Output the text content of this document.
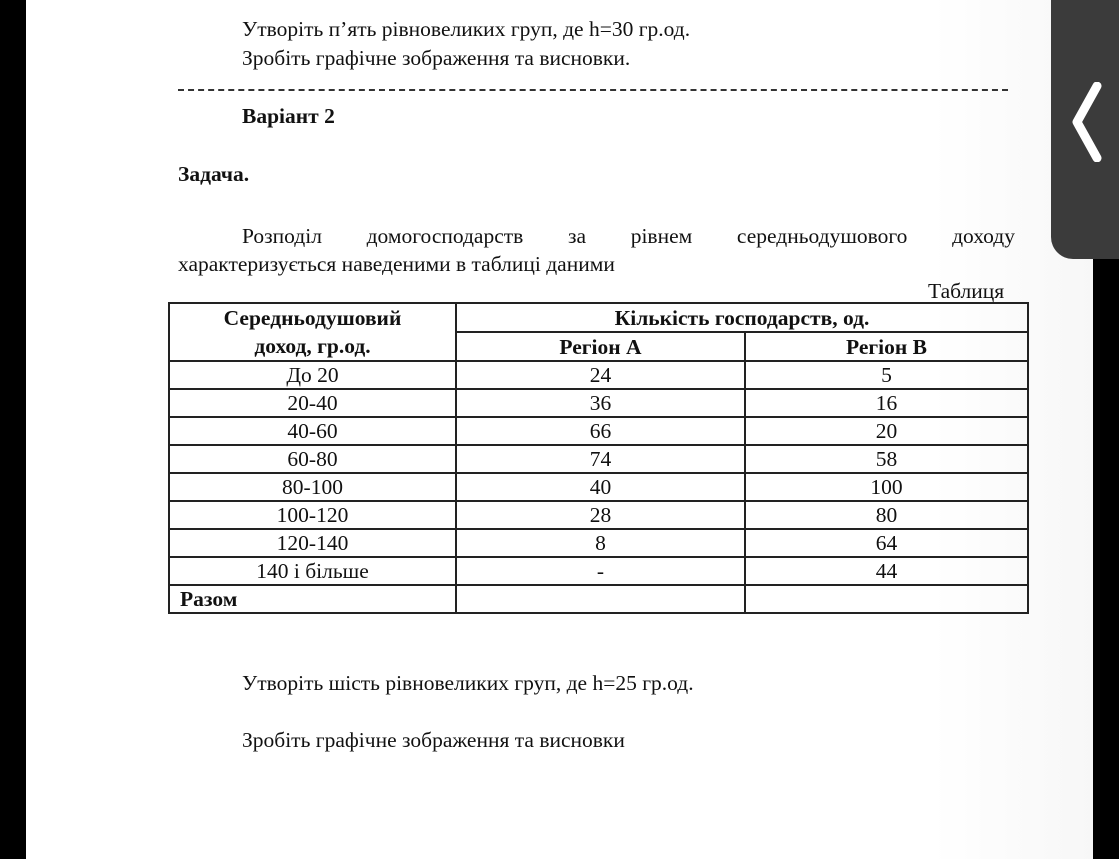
Утворіть п’ять рівновеликих груп, де h=30 гр.од.
Зробіть графічне зображення та висновки.
Варіант 2
Задача.
Розподіл домогосподарств за рівнем середньодушового доходу
характеризується наведеними в таблиці даними
Таблиця
Середньодушовий
доход, гр.од.	Кількість господарств, од.	
	Регіон А	Регіон В
До 20	24	5
20-40	36	16
40-60	66	20
60-80	74	58
80-100	40	100
100-120	28	80
120-140	8	64
140 і більше	-	44
Разом		
Утворіть шість рівновеликих груп, де h=25 гр.од.
Зробіть графічне зображення та висновки
